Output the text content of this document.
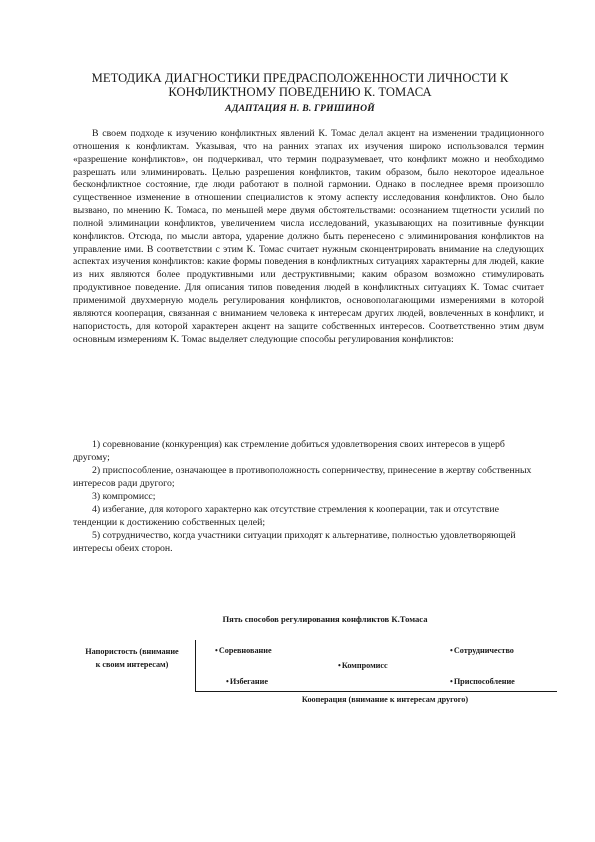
МЕТОДИКА ДИАГНОСТИКИ ПРЕДРАСПОЛОЖЕННОСТИ ЛИЧНОСТИ К КОНФЛИКТНОМУ ПОВЕДЕНИЮ К. ТОМАСА
АДАПТАЦИЯ Н. В. ГРИШИНОЙ

В своем подходе к изучению конфликтных явлений К. Томас делал акцент на изменении традиционного отношения к конфликтам. Указывая, что на ранних этапах их изучения широко использовался термин «разрешение конфликтов», он подчеркивал, что термин подразумевает, что конфликт можно и необходимо разрешать или элиминировать. Целью разрешения конфликтов, таким образом, было некоторое идеальное бесконфликтное состояние, где люди работают в полной гармонии. Однако в последнее время произошло существенное изменение в отношении специалистов к этому аспекту исследования конфликтов. Оно было вызвано, по мнению К. Томаса, по меньшей мере двумя обстоятельствами: осознанием тщетности усилий по полной элиминации конфликтов, увеличением числа исследований, указывающих на позитивные функции конфликтов. Отсюда, по мысли автора, ударение должно быть перенесено с элиминирования конфликтов на управление ими. В соответствии с этим К. Томас считает нужным сконцентрировать внимание на следующих аспектах изучения конфликтов: какие формы поведения в конфликтных ситуациях характерны для людей, какие из них являются более продуктивными или деструктивными; каким образом возможно стимулировать продуктивное поведение. Для описания типов поведения людей в конфликтных ситуациях К. Томас считает применимой двухмерную модель регулирования конфликтов, основополагающими измерениями в которой являются кооперация, связанная с вниманием человека к интересам других людей, вовлеченных в конфликт, и напористость, для которой характерен акцент на защите собственных интересов. Соответственно этим двум основным измерениям К. Томас выделяет следующие способы регулирования конфликтов:

1) соревнование (конкуренция) как стремление добиться удовлетворения своих интересов в ущерб другому;
2) приспособление, означающее в противоположность соперничеству, принесение в жертву собственных интересов ради другого;
3) компромисс;
4) избегание, для которого характерно как отсутствие стремления к кооперации, так и отсутствие тенденции к достижению собственных целей;
5) сотрудничество, когда участники ситуации приходят к альтернативе, полностью удовлетворяющей интересы обеих сторон.
Пять способов регулирования конфликтов К.Томаса
Напористость (внимание к своим интересам)
Кооперация (внимание к интересам другого)
•Соревнование	•Сотрудничество
•Компромисс
•Избегание	•Приспособление
